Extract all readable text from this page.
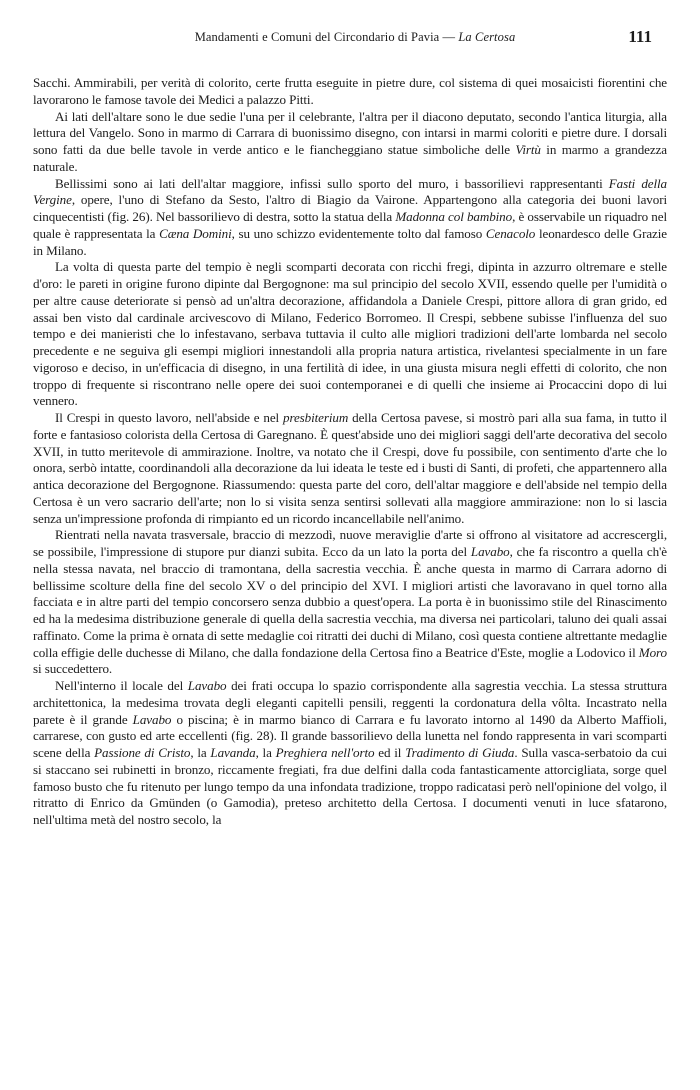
Mandamenti e Comuni del Circondario di Pavia — La Certosa	111

Sacchi. Ammirabili, per verità di colorito, certe frutta eseguite in pietre dure, col sistema di quei mosaicisti fiorentini che lavorarono le famose tavole dei Medici a palazzo Pitti.

Ai lati dell'altare sono le due sedie l'una per il celebrante, l'altra per il diacono deputato, secondo l'antica liturgia, alla lettura del Vangelo. Sono in marmo di Carrara di buonissimo disegno, con intarsi in marmi coloriti e pietre dure. I dorsali sono fatti da due belle tavole in verde antico e le fiancheggiano statue simboliche delle Virtù in marmo a grandezza naturale.

Bellissimi sono ai lati dell'altar maggiore, infissi sullo sporto del muro, i bassorilievi rappresentanti Fasti della Vergine, opere, l'uno di Stefano da Sesto, l'altro di Biagio da Vairone. Appartengono alla categoria dei buoni lavori cinquecentisti (fig. 26). Nel bassorilievo di destra, sotto la statua della Madonna col bambino, è osservabile un riquadro nel quale è rappresentata la Cæna Domini, su uno schizzo evidentemente tolto dal famoso Cenacolo leonardesco delle Grazie in Milano.

La volta di questa parte del tempio è negli scomparti decorata con ricchi fregi, dipinta in azzurro oltremare e stelle d'oro: le pareti in origine furono dipinte dal Bergognone: ma sul principio del secolo XVII, essendo quelle per l'umidità o per altre cause deteriorate si pensò ad un'altra decorazione, affidandola a Daniele Crespi, pittore allora di gran grido, ed assai ben visto dal cardinale arcivescovo di Milano, Federico Borromeo. Il Crespi, sebbene subisse l'influenza del suo tempo e dei manieristi che lo infestavano, serbava tuttavia il culto alle migliori tradizioni dell'arte lombarda nel secolo precedente e ne seguiva gli esempi migliori innestandoli alla propria natura artistica, rivelantesi specialmente in un fare vigoroso e deciso, in un'efficacia di disegno, in una fertilità di idee, in una giusta misura negli effetti di colorito, che non troppo di frequente si riscontrano nelle opere dei suoi contemporanei e di quelli che insieme ai Procaccini dopo di lui vennero.

Il Crespi in questo lavoro, nell'abside e nel presbiterium della Certosa pavese, si mostrò pari alla sua fama, in tutto il forte e fantasioso colorista della Certosa di Garegnano. È quest'abside uno dei migliori saggi dell'arte decorativa del secolo XVII, in tutto meritevole di ammirazione. Inoltre, va notato che il Crespi, dove fu possibile, con sentimento d'arte che lo onora, serbò intatte, coordinandoli alla decorazione da lui ideata le teste ed i busti di Santi, di profeti, che appartennero alla antica decorazione del Bergognone. Riassumendo: questa parte del coro, dell'altar maggiore e dell'abside nel tempio della Certosa è un vero sacrario dell'arte; non lo si visita senza sentirsi sollevati alla maggiore ammirazione: non lo si lascia senza un'impressione profonda di rimpianto ed un ricordo incancellabile nell'animo.

Rientrati nella navata trasversale, braccio di mezzodì, nuove meraviglie d'arte si offrono al visitatore ad accrescergli, se possibile, l'impressione di stupore pur dianzi subita. Ecco da un lato la porta del Lavabo, che fa riscontro a quella ch'è nella stessa navata, nel braccio di tramontana, della sacrestia vecchia. È anche questa in marmo di Carrara adorno di bellissime scolture della fine del secolo XV o del principio del XVI. I migliori artisti che lavoravano in quel torno alla facciata e in altre parti del tempio concorsero senza dubbio a quest'opera. La porta è in buonissimo stile del Rinascimento ed ha la medesima distribuzione generale di quella della sacrestia vecchia, ma diversa nei particolari, taluno dei quali assai raffinato. Come la prima è ornata di sette medaglie coi ritratti dei duchi di Milano, così questa contiene altrettante medaglie colla effigie delle duchesse di Milano, che dalla fondazione della Certosa fino a Beatrice d'Este, moglie a Lodovico il Moro si succedettero.

Nell'interno il locale del Lavabo dei frati occupa lo spazio corrispondente alla sagrestia vecchia. La stessa struttura architettonica, la medesima trovata degli eleganti capitelli pensili, reggenti la cordonatura della vôlta. Incastrato nella parete è il grande Lavabo o piscina; è in marmo bianco di Carrara e fu lavorato intorno al 1490 da Alberto Maffioli, carrarese, con gusto ed arte eccellenti (fig. 28). Il grande bassorilievo della lunetta nel fondo rappresenta in vari scomparti scene della Passione di Cristo, la Lavanda, la Preghiera nell'orto ed il Tradimento di Giuda. Sulla vasca-serbatoio da cui si staccano sei rubinetti in bronzo, riccamente fregiati, fra due delfini dalla coda fantasticamente attorcigliata, sorge quel famoso busto che fu ritenuto per lungo tempo da una infondata tradizione, troppo radicatasi però nell'opinione del volgo, il ritratto di Enrico da Gmünden (o Gamodia), preteso architetto della Certosa. I documenti venuti in luce sfatarono, nell'ultima metà del nostro secolo, la
